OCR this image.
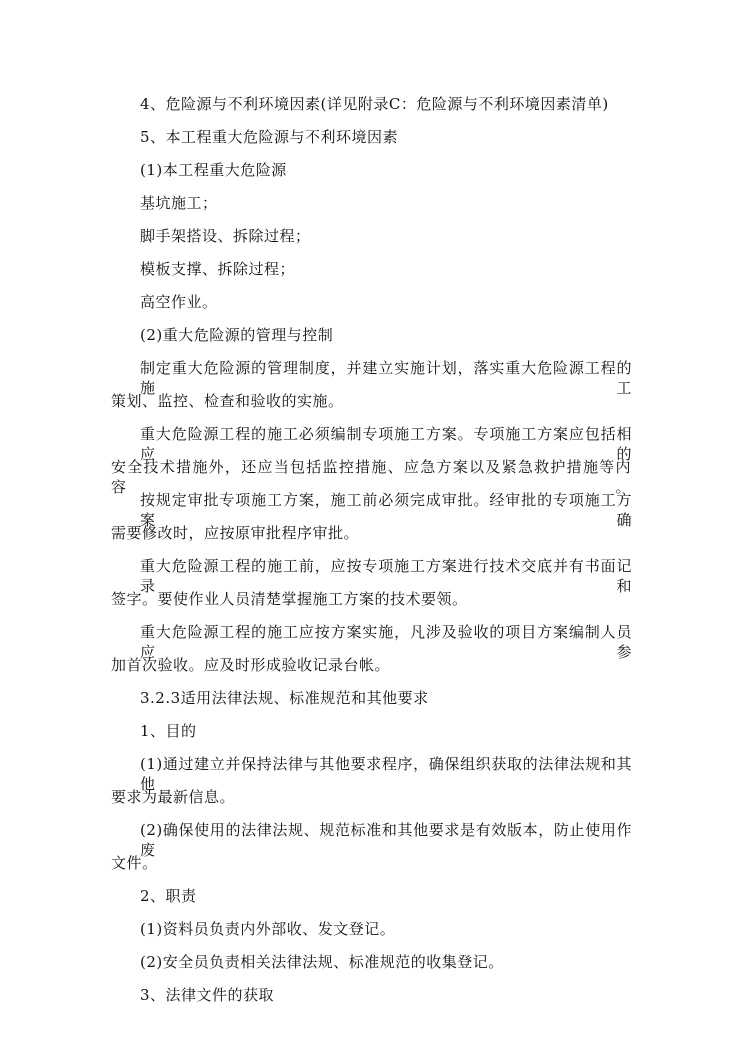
4、危险源与不利环境因素(详见附录C：危险源与不利环境因素清单)
5、本工程重大危险源与不利环境因素
(1)本工程重大危险源
基坑施工；
脚手架搭设、拆除过程；
模板支撑、拆除过程；
高空作业。
(2)重大危险源的管理与控制
制定重大危险源的管理制度，并建立实施计划，落实重大危险源工程的施工
策划、监控、检查和验收的实施。
重大危险源工程的施工必须编制专项施工方案。专项施工方案应包括相应的
安全技术措施外，还应当包括监控措施、应急方案以及紧急救护措施等内容。
按规定审批专项施工方案，施工前必须完成审批。经审批的专项施工方案确
需要修改时，应按原审批程序审批。
重大危险源工程的施工前，应按专项施工方案进行技术交底并有书面记录和
签字。要使作业人员清楚掌握施工方案的技术要领。
重大危险源工程的施工应按方案实施，凡涉及验收的项目方案编制人员应参
加首次验收。应及时形成验收记录台帐。
3.2.3适用法律法规、标准规范和其他要求
1、目的
(1)通过建立并保持法律与其他要求程序，确保组织获取的法律法规和其他
要求为最新信息。
(2)确保使用的法律法规、规范标准和其他要求是有效版本，防止使用作废
文件。
2、职责
(1)资料员负责内外部收、发文登记。
(2)安全员负责相关法律法规、标准规范的收集登记。
3、法律文件的获取
